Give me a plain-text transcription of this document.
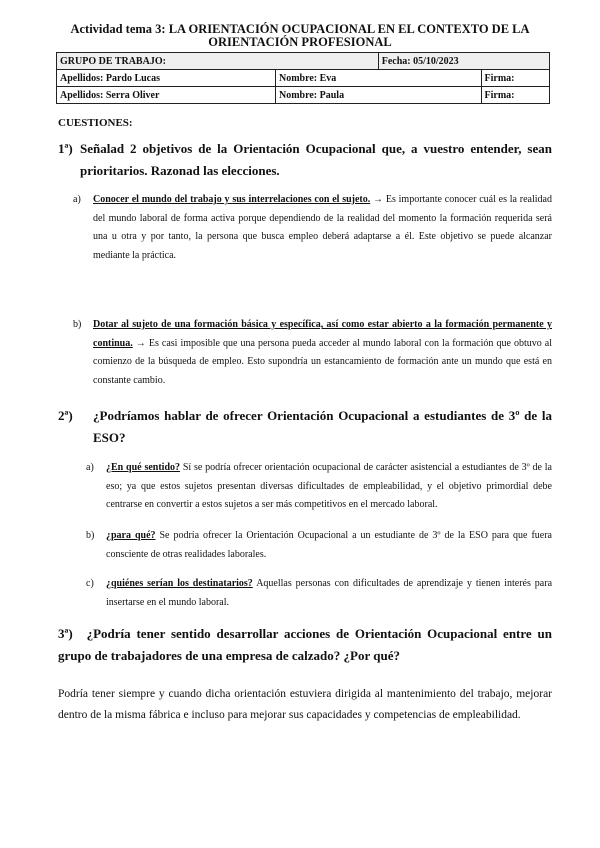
Actividad tema 3: LA ORIENTACIÓN OCUPACIONAL EN EL CONTEXTO DE LA
ORIENTACIÓN PROFESIONAL
GRUPO DE TRABAJO:		Fecha: 05/10/2023	
Apellidos: Pardo Lucas	Nombre: Eva		Firma:
Apellidos: Serra Oliver	Nombre: Paula		Firma:
CUESTIONES:
1ª) Señalad 2 objetivos de la Orientación Ocupacional que, a vuestro entender, sean prioritarios. Razonad las elecciones.
a) Conocer el mundo del trabajo y sus interrelaciones con el sujeto. → Es importante conocer cuál es la realidad del mundo laboral de forma activa porque dependiendo de la realidad del momento la formación requerida será una u otra y por tanto, la persona que busca empleo deberá adaptarse a él. Este objetivo se puede alcanzar mediante la práctica.
b) Dotar al sujeto de una formación básica y específica, así como estar abierto a la formación permanente y continua. → Es casi imposible que una persona pueda acceder al mundo laboral con la formación que obtuvo al comienzo de la búsqueda de empleo. Esto supondría un estancamiento de formación ante un mundo que está en constante cambio.
2ª)	¿Podríamos hablar de ofrecer Orientación Ocupacional a estudiantes de 3º de la ESO?
a) ¿En qué sentido? Sí se podría ofrecer orientación ocupacional de carácter asistencial a estudiantes de 3º de la eso; ya que estos sujetos presentan diversas dificultades de empleabilidad, y el objetivo primordial debe centrarse en convertir a estos sujetos a ser más competitivos en el mercado laboral.
b) ¿para qué? Se podría ofrecer la Orientación Ocupacional a un estudiante de 3º de la ESO para que fuera consciente de otras realidades laborales.
c) ¿quiénes serían los destinatarios? Aquellas personas con dificultades de aprendizaje y tienen interés para insertarse en el mundo laboral.
3ª) ¿Podría tener sentido desarrollar acciones de Orientación Ocupacional entre un grupo de trabajadores de una empresa de calzado? ¿Por qué?
Podría tener siempre y cuando dicha orientación estuviera dirigida al mantenimiento del trabajo, mejorar dentro de la misma fábrica e incluso para mejorar sus capacidades y competencias de empleabilidad.
